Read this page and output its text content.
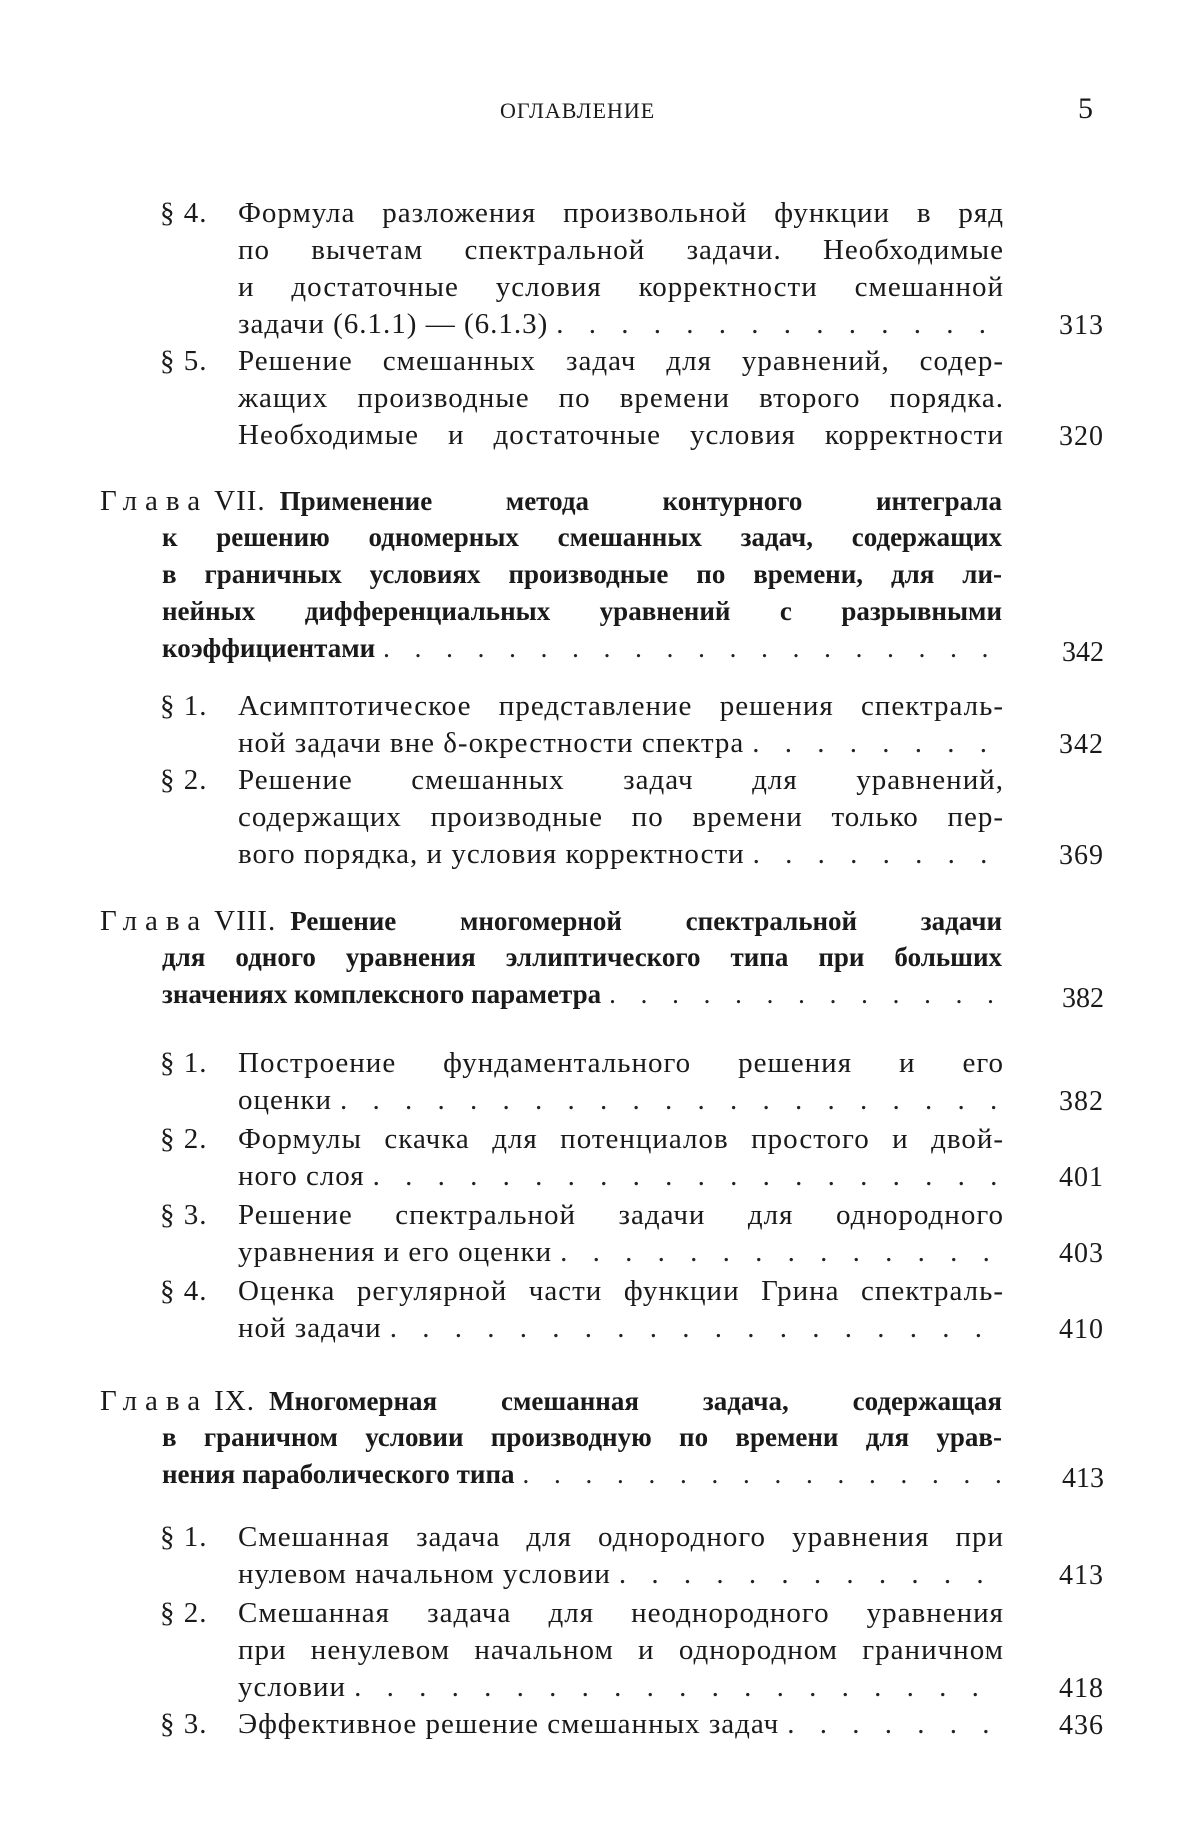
ОГЛАВЛЕНИЕ	5
§ 4.	Формула разложения произвольной функции в ряд
по вычетам спектральной задачи. Необходимые
и достаточные условия корректности смешанной
задачи (6.1.1) — (6.1.3) . . .	313
§ 5.	Решение смешанных задач для уравнений, содер-
жащих производные по времени второго порядка.
Необходимые и достаточные условия корректности	320
Глава VII. Применение метода контурного интеграла
к решению одномерных смешанных задач, содержащих
в граничных условиях производные по времени, для ли-
нейных дифференциальных уравнений с разрывными
коэффициентами . . .	342
§ 1.	Асимптотическое представление решения спектраль-
ной задачи вне δ-окрестности спектра . . .	342
§ 2.	Решение смешанных задач для уравнений,
содержащих производные по времени только пер-
вого порядка, и условия корректности . . .	369
Глава VIII. Решение многомерной спектральной задачи
для одного уравнения эллиптического типа при больших
значениях комплексного параметра . . .	382
§ 1.	Построение фундаментального решения и его
оценки . . .	382
§ 2.	Формулы скачка для потенциалов простого и двой-
ного слоя . . .	401
§ 3.	Решение спектральной задачи для однородного
уравнения и его оценки . . .	403
§ 4.	Оценка регулярной части функции Грина спектраль-
ной задачи . . .	410
Глава IX. Многомерная смешанная задача, содержащая
в граничном условии производную по времени для урав-
нения параболического типа . . .	413
§ 1.	Смешанная задача для однородного уравнения при
нулевом начальном условии . . .	413
§ 2.	Смешанная задача для неоднородного уравнения
при ненулевом начальном и однородном граничном
условии . . .	418
§ 3.	Эффективное решение смешанных задач . . .	436
